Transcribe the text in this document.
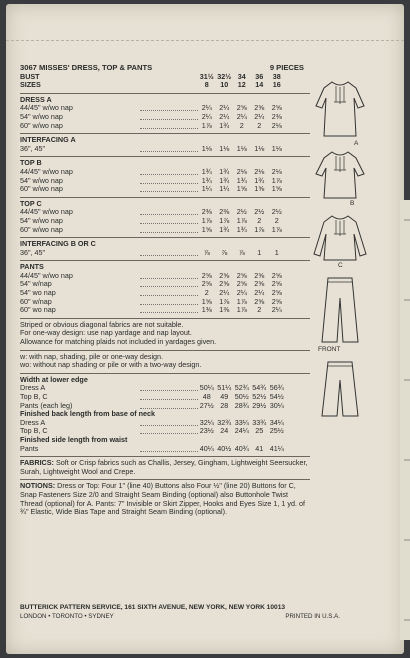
3067 MISSES' DRESS, TOP & PANTS	9 PIECES
BUST	31½ 32½ 34	36	38
SIZES	8	10	12	14	16
DRESS A
44/45" w/wo nap	2¼	2¼	2⅝	2⅝	2⅝
54" w/wo nap	2¼	2¼	2¼	2¼	2⅜
60" w/wo nap	1⅞	1¾	2	2	2⅛
INTERFACING A
36", 45"	1⅛	1⅛	1⅛	1⅛	1⅛
TOP B
44/45" w/wo nap	1¾	1¾	2⅛	2⅛	2⅛
54" w/wo nap	1¾	1¾	1¾	1¾	1⅞
60" w/wo nap	1¼	1¼	1⅝	1⅝	1⅝
TOP C
44/45" w/wo nap	2⅜	2⅜	2½	2½	2½
54" w/wo nap	1⅞	1⅞	1⅞	2	2
60" w/wo nap	1⅝	1¾	1¾	1⅞	1⅞
INTERFACING B OR C
36", 45"	⅞	⅞	⅞	1	1
PANTS
44/45" w/wo nap	2⅝	2⅝	2⅝	2⅝	2⅝
54" w/nap	2⅝	2⅝	2⅝	2⅝	2⅝
54" wo nap	2	2¼	2¼	2¼	2⅝
60" w/nap	1⅝	1⅞	1⅞	2⅝	2⅝
60" wo nap	1⅜	1⅜	1⅞	2	2¼
Striped or obvious diagonal fabrics are not suitable.
For one-way design: use nap yardage and nap layout.
Allowance for matching plaids not included in yardages given.
w: with nap, shading, pile or one-way design.
wo: without nap shading or pile or with a two-way design.
Width at lower edge
Dress A	50¼ 51¼ 52¾ 54¾ 56¾
Top B, C	48	49 50½ 52½ 54½
Pants (each leg)	27½ 28 28¾ 29½ 30¼
Finished back length from base of neck
Dress A	32¼ 32¾ 33¼ 33¾ 34¼
Top B, C	23½ 24 24¼ 25 25½
Finished side length from waist
Pants	40¼ 40½ 40¾ 41 41¼
FABRICS: Soft or Crisp fabrics such as Challis, Jersey, Gingham, Lightweight Seersucker, Surah, Lightweight Wool and Crepe.
NOTIONS: Dress or Top: Four 1" (line 40) Buttons also Four ½" (line 20) Buttons for C, Snap Fasteners Size 2/0 and Straight Seam Binding (optional) also Buttonhole Twist Thread (optional) for A. Pants: 7" Invisible or Skirt Zipper, Hooks and Eyes Size 1, 1 yd. of ¾" Elastic, Wide Bias Tape and Straight Seam Binding (optional).
A
B
C
FRONT
BUTTERICK PATTERN SERVICE, 161 SIXTH AVENUE, NEW YORK, NEW YORK 10013
LONDON • TORONTO • SYDNEY	PRINTED IN U.S.A.
